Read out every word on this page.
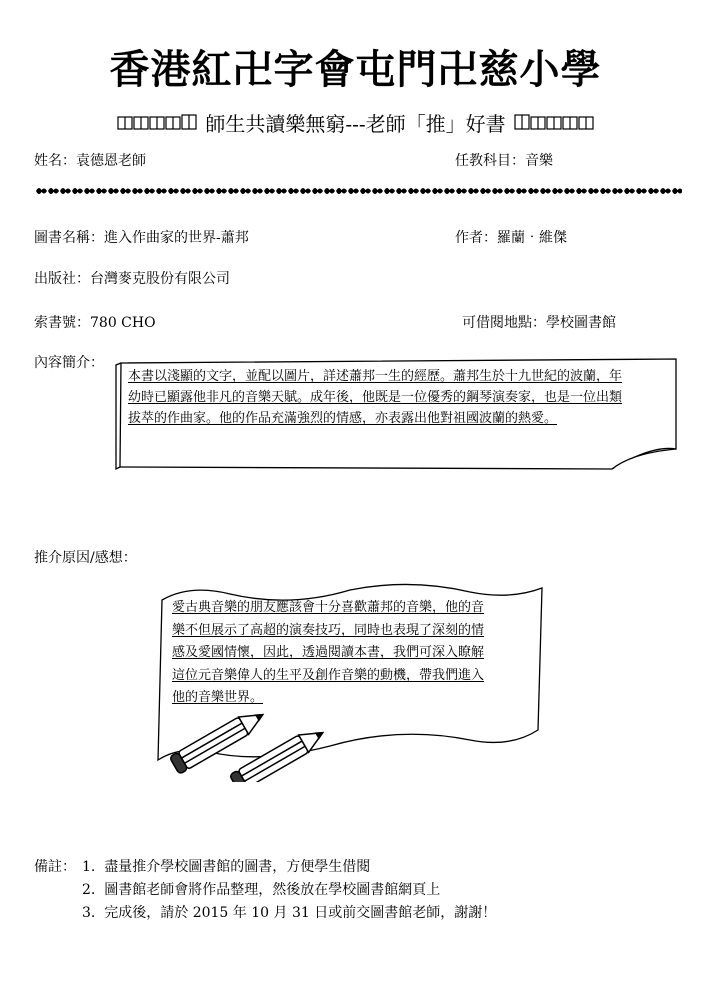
香港紅卍字會屯門卍慈小學
師生共讀樂無窮---老師「推」好書
姓名：袁德恩老師	任教科目：音樂
圖書名稱：進入作曲家的世界-蕭邦	作者：羅蘭‧維傑
出版社：台灣麥克股份有限公司
索書號：780 CHO	可借閱地點：學校圖書館
內容簡介：
本書以淺顯的文字，並配以圖片，詳述蕭邦一生的經歷。蕭邦生於十九世紀的波蘭，年
幼時已顯露他非凡的音樂天賦。成年後，他既是一位優秀的鋼琴演奏家，也是一位出類
拔萃的作曲家。他的作品充滿強烈的情感，亦表露出他對祖國波蘭的熱愛。
推介原因/感想：
愛古典音樂的朋友應該會十分喜歡蕭邦的音樂，他的音
樂不但展示了高超的演奏技巧，同時也表現了深刻的情
感及愛國情懷，因此，透過閱讀本書，我們可深入瞭解
這位元音樂偉人的生平及創作音樂的動機，帶我們進入
他的音樂世界。
備註： 1. 盡量推介學校圖書館的圖書，方便學生借閱
2. 圖書館老師會將作品整理，然後放在學校圖書館網頁上
3. 完成後，請於 2015 年 10 月 31 日或前交圖書館老師，謝謝！
